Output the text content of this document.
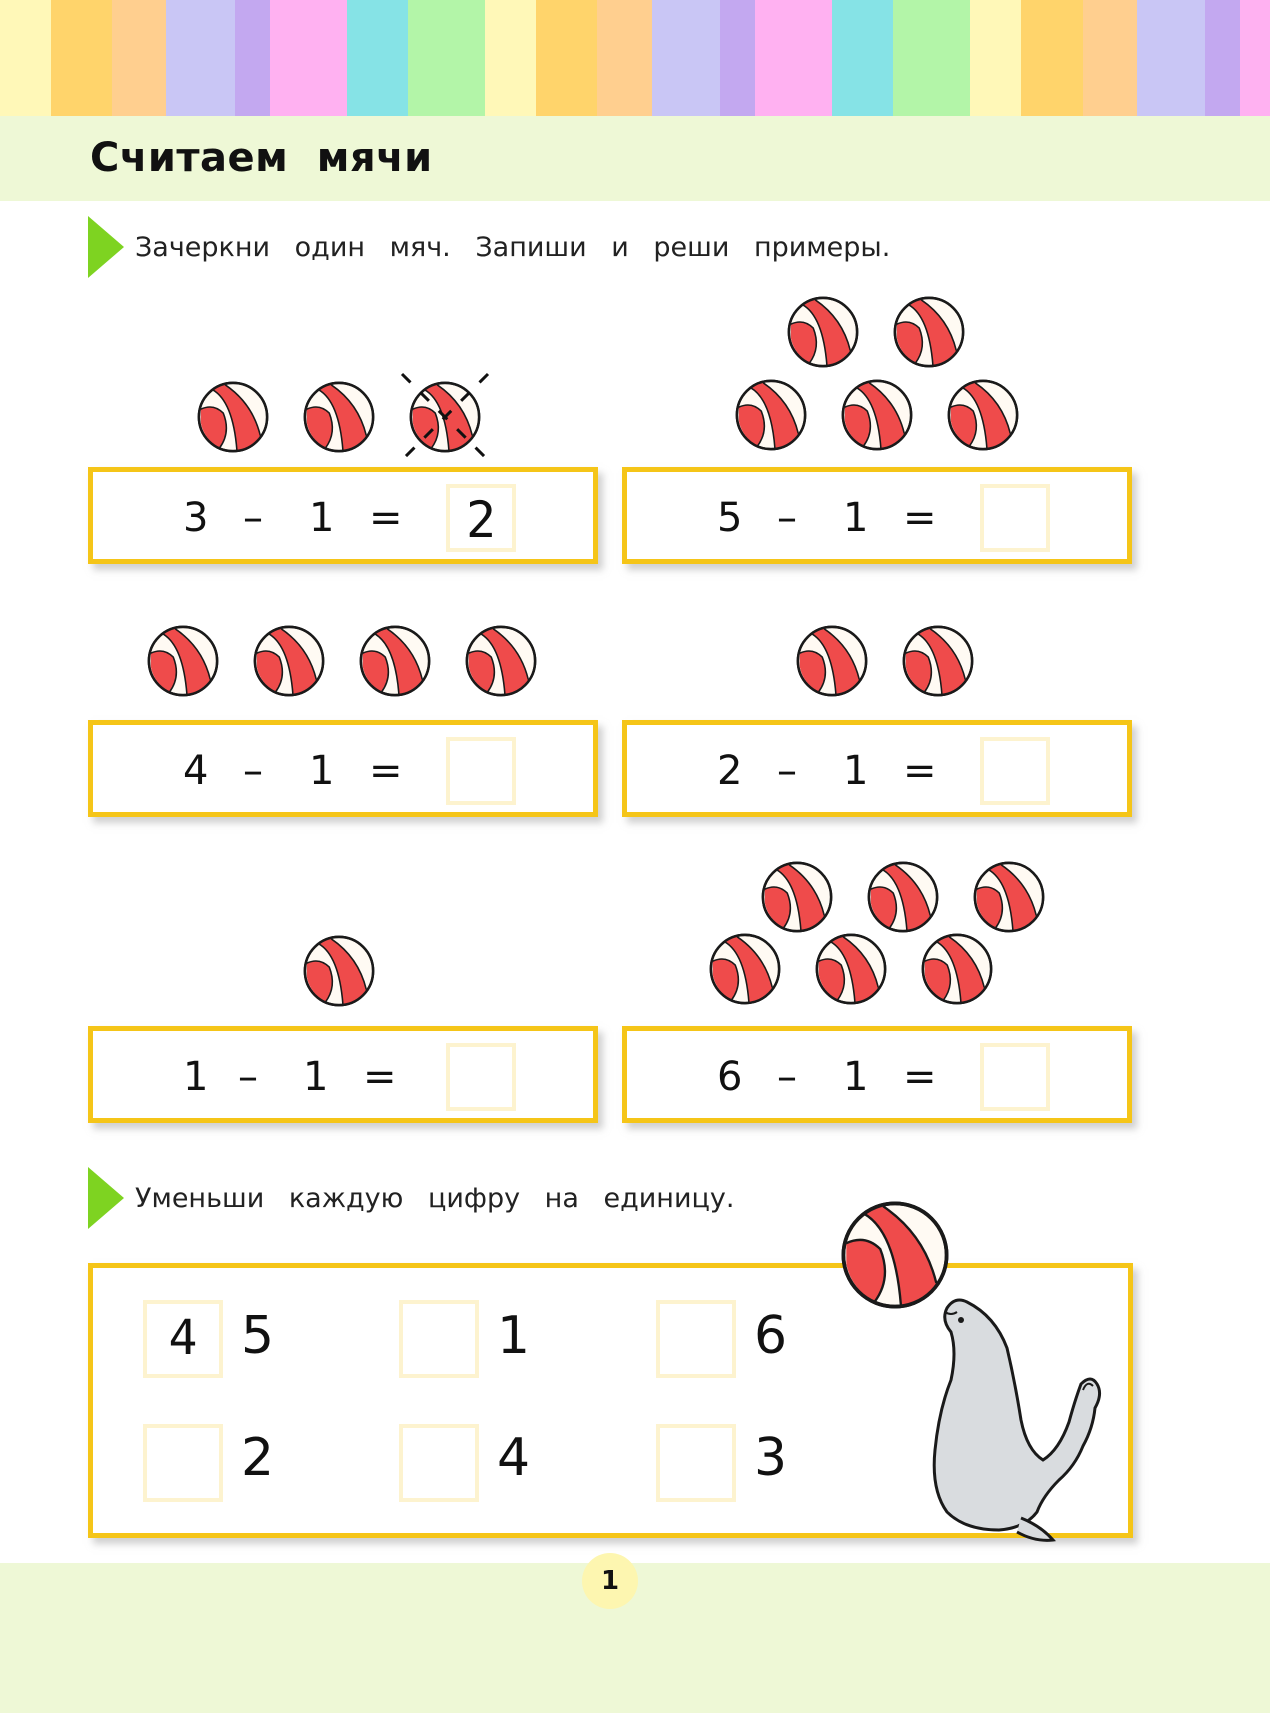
Считаем мячи
Зачеркни один мяч. Запиши и реши примеры.
3 – 1 =	2	5 – 1 =
4 – 1 =	2 – 1 =
1 – 1 =	6 – 1 =
Уменьши каждую цифру на единицу.
4 5	1	6
2	4	3
1
